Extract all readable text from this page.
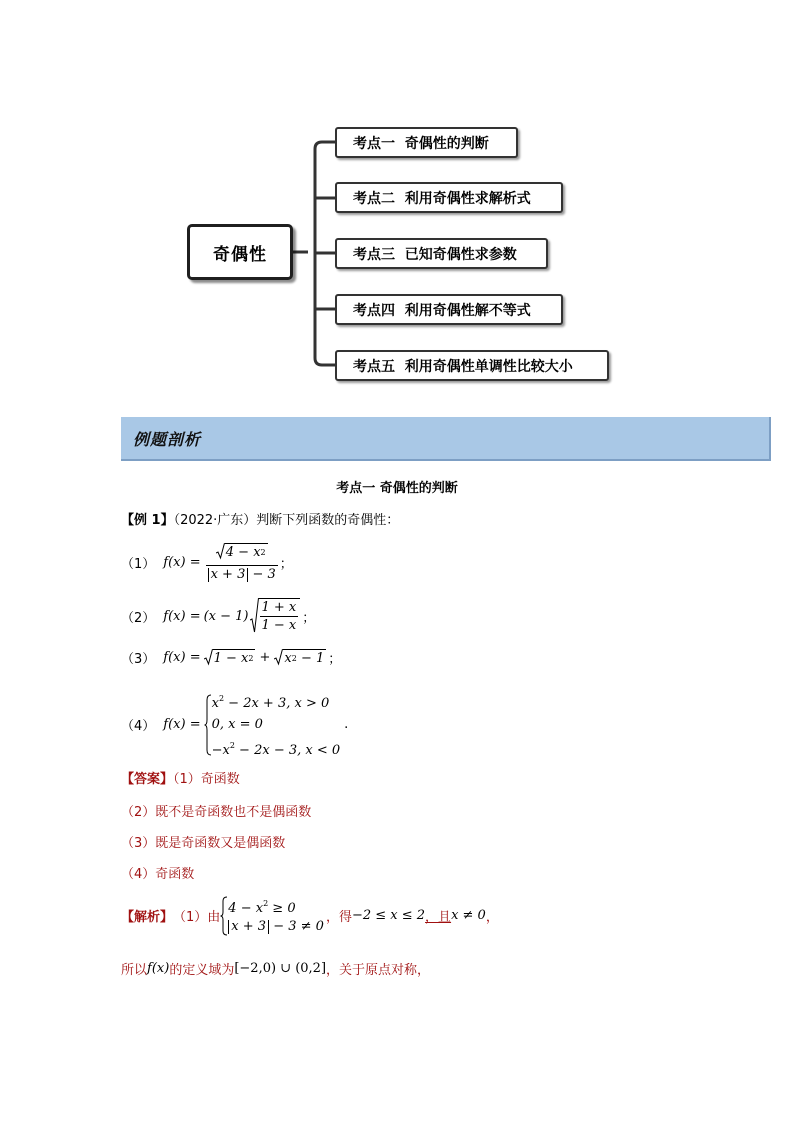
奇偶性
考点一  奇偶性的判断
考点二  利用奇偶性求解析式
考点三  已知奇偶性求参数
考点四  利用奇偶性解不等式
考点五  利用奇偶性单调性比较大小
例题剖析
考点一 奇偶性的判断
【例 1】（2022·广东）判断下列函数的奇偶性：
（1） $f(x) = \frac{4 - x 2}{x + 3 - 3}$ ；
（2） $f(x) = (x - 1) \frac{1 + x}{1 - x}$ ；
（3） f(x) = 1 − x 2 + x 2
− 1 ；
（4） f(x) =
$x^2 - 2x + 3$, x > 0
0, x = 0
$-x^2 - 2x - 3$, x < 0
.
【答案】（1）奇函数
（2）既不是奇函数也不是偶函数
（3）既是奇函数又是偶函数
（4）奇函数
【解析】 （1）由
$4 - x^2 \ge 0$
x + 3 − 3 ≠ 0
，得 −2 ≤ x ≤ 2 ，且 x ≠ 0 ，
所以 f(x) 的定义域为 [−2,0) ∪ (0,2] ，关于原点对称，
